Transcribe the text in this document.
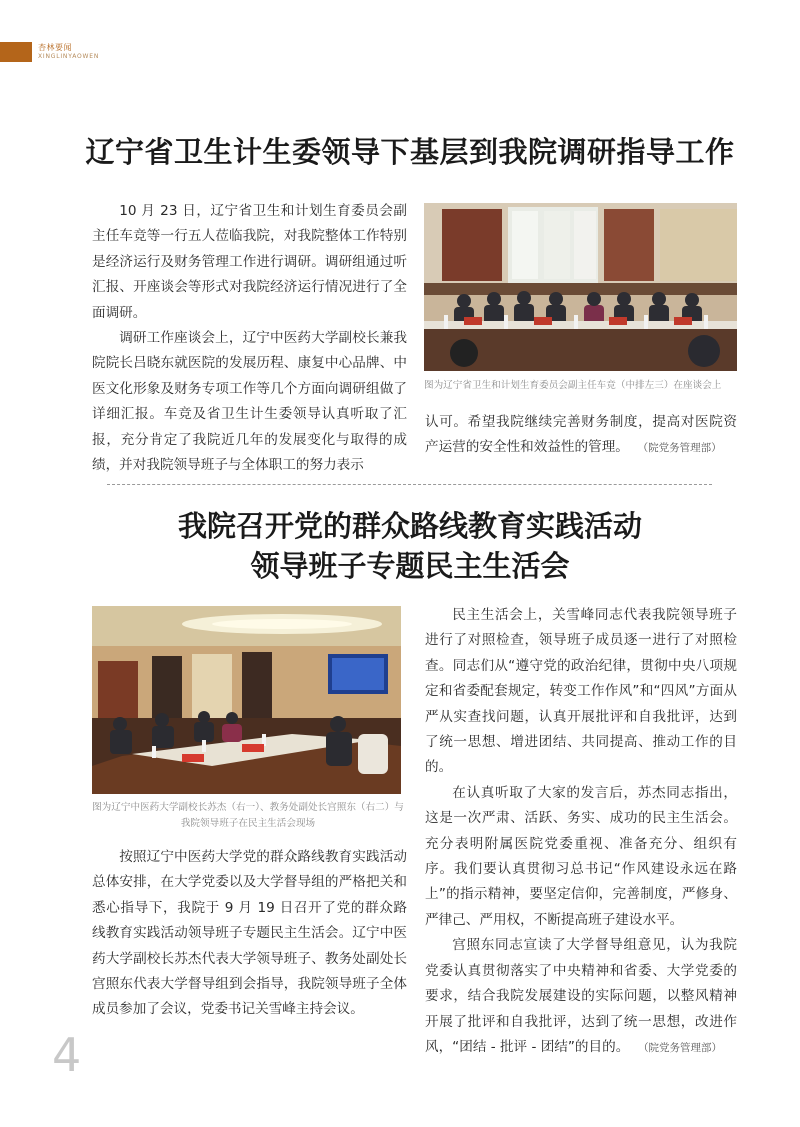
杏林要闻
XINGLINYAOWEN
辽宁省卫生计生委领导下基层到我院调研指导工作

10 月 23 日，辽宁省卫生和计划生育委员会副主任车竞等一行五人莅临我院，对我院整体工作特别是经济运行及财务管理工作进行调研。调研组通过听汇报、开座谈会等形式对我院经济运行情况进行了全面调研。

调研工作座谈会上，辽宁中医药大学副校长兼我院院长吕晓东就医院的发展历程、康复中心品牌、中医文化形象及财务专项工作等几个方面向调研组做了详细汇报。车竞及省卫生计生委领导认真听取了汇报，充分肯定了我院近几年的发展变化与取得的成绩，并对我院领导班子与全体职工的努力表示

图为辽宁省卫生和计划生育委员会副主任车竞（中排左三）在座谈会上

认可。希望我院继续完善财务制度，提高对医院资产运营的安全性和效益性的管理。 （院党务管理部）

我院召开党的群众路线教育实践活动
领导班子专题民主生活会
图为辽宁中医药大学副校长苏杰（右一）、教务处副处长宫照东（右二）与我院领导班子在民主生活会现场

按照辽宁中医药大学党的群众路线教育实践活动总体安排，在大学党委以及大学督导组的严格把关和悉心指导下，我院于 9 月 19 日召开了党的群众路线教育实践活动领导班子专题民主生活会。辽宁中医药大学副校长苏杰代表大学领导班子、教务处副处长宫照东代表大学督导组到会指导，我院领导班子全体成员参加了会议，党委书记关雪峰主持会议。

民主生活会上，关雪峰同志代表我院领导班子进行了对照检查，领导班子成员逐一进行了对照检查。同志们从“遵守党的政治纪律，贯彻中央八项规定和省委配套规定，转变工作作风”和“四风”方面从严从实查找问题，认真开展批评和自我批评，达到了统一思想、增进团结、共同提高、推动工作的目的。

在认真听取了大家的发言后，苏杰同志指出，这是一次严肃、活跃、务实、成功的民主生活会。充分表明附属医院党委重视、准备充分、组织有序。我们要认真贯彻习总书记“作风建设永远在路上”的指示精神，要坚定信仰，完善制度，严修身、严律己、严用权，不断提高班子建设水平。

宫照东同志宣读了大学督导组意见，认为我院党委认真贯彻落实了中央精神和省委、大学党委的要求，结合我院发展建设的实际问题，以整风精神开展了批评和自我批评，达到了统一思想，改进作风，“团结 - 批评 - 团结”的目的。 （院党务管理部）

4
